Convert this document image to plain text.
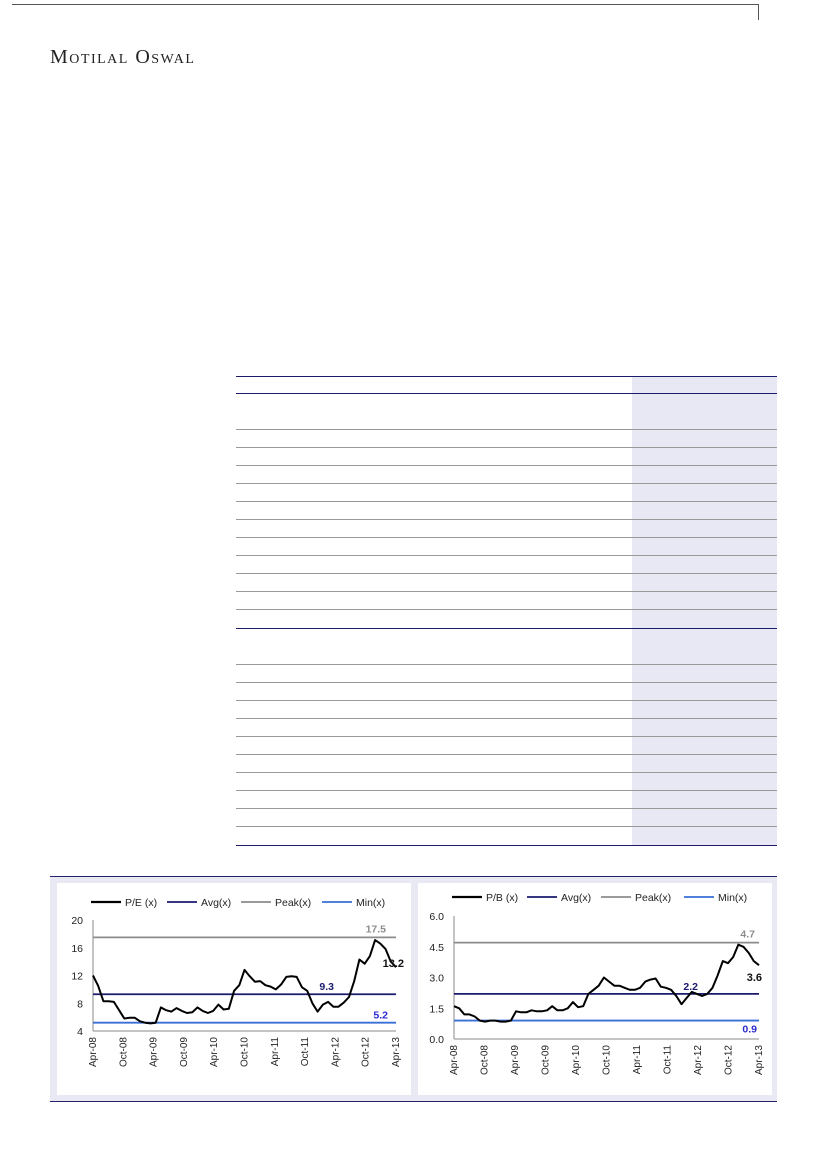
Motilal Oswal
P/E (x)	Avg(x)	Peak(x)	Min(x)
20
16
12
8
4
Apr-08 Oct-08 Apr-09 Oct-09 Apr-10 Oct-10 Apr-11 Oct-11 Apr-12 Oct-12 Apr-13
9.3
17.5
5.2
13.2
P/B (x)	Avg(x)	Peak(x)	Min(x)
6.0
4.5
3.0
1.5
0.0
Apr-08 Oct-08 Apr-09 Oct-09 Apr-10 Oct-10 Apr-11 Oct-11 Apr-12 Oct-12 Apr-13
2.2
4.7
0.9
3.6
